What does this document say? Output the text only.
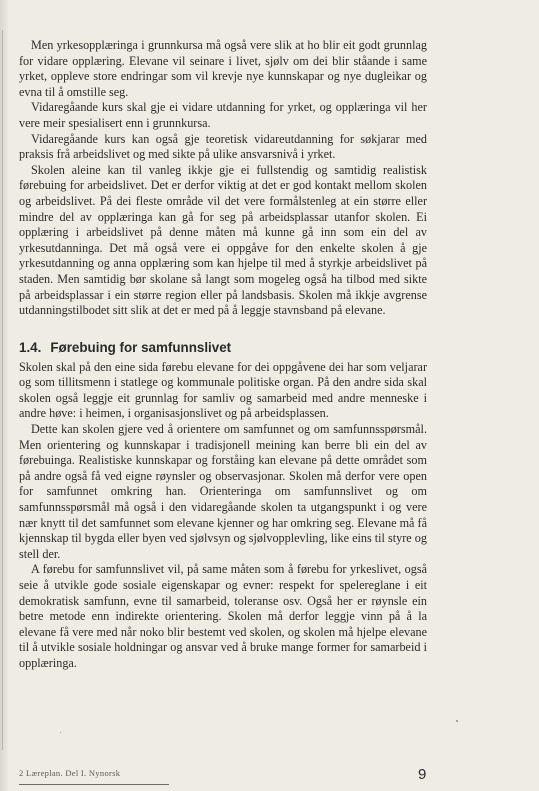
Men yrkesopplæringa i grunnkursa må også vere slik at ho blir eit godt grunnlag for vidare opplæring. Elevane vil seinare i livet, sjølv om dei blir ståande i same yrket, oppleve store endringar som vil krevje nye kunnskapar og nye dugleikar og evna til å omstille seg.

Vidaregåande kurs skal gje ei vidare utdanning for yrket, og opplæringa vil her vere meir spesialisert enn i grunnkursa.

Vidaregåande kurs kan også gje teoretisk vidareutdanning for søkjarar med praksis frå arbeidslivet og med sikte på ulike ansvarsnivå i yrket.

Skolen aleine kan til vanleg ikkje gje ei fullstendig og samtidig realistisk førebuing for arbeidslivet. Det er derfor viktig at det er god kontakt mellom skolen og arbeidslivet. På dei fleste område vil det vere formålstenleg at ein større eller mindre del av opplæringa kan gå for seg på arbeidsplassar utanfor skolen. Ei opplæring i arbeidslivet på denne måten må kunne gå inn som ein del av yrkesutdanninga. Det må også vere ei oppgåve for den enkelte skolen å gje yrkesutdanning og anna opplæring som kan hjelpe til med å styrkje arbeidslivet på staden. Men samtidig bør skolane så langt som mogeleg også ha tilbod med sikte på arbeidsplassar i ein større region eller på landsbasis. Skolen må ikkje avgrense utdanningstilbodet sitt slik at det er med på å leggje stavnsband på elevane.

1.4. Førebuing for samfunnslivet

Skolen skal på den eine sida førebu elevane for dei oppgåvene dei har som veljarar og som tillitsmenn i statlege og kommunale politiske organ. På den andre sida skal skolen også leggje eit grunnlag for samliv og samarbeid med andre menneske i andre høve: i heimen, i organisasjonslivet og på arbeidsplassen.

Dette kan skolen gjere ved å orientere om samfunnet og om samfunnsspørsmål. Men orientering og kunnskapar i tradisjonell meining kan berre bli ein del av førebuinga. Realistiske kunnskapar og forståing kan elevane på dette området som på andre også få ved eigne røynsler og observasjonar. Skolen må derfor vere open for samfunnet omkring han. Orienteringa om samfunnslivet og om samfunnsspørsmål må også i den vidaregåande skolen ta utgangspunkt i og vere nær knytt til det samfunnet som elevane kjenner og har omkring seg. Elevane må få kjennskap til bygda eller byen ved sjølvsyn og sjølvopplevling, like eins til styre og stell der.

A førebu for samfunnslivet vil, på same måten som å førebu for yrkeslivet, også seie å utvikle gode sosiale eigenskapar og evner: respekt for spelereglane i eit demokratisk samfunn, evne til samarbeid, toleranse osv. Også her er røynsle ein betre metode enn indirekte orientering. Skolen må derfor leggje vinn på å la elevane få vere med når noko blir bestemt ved skolen, og skolen må hjelpe elevane til å utvikle sosiale holdningar og ansvar ved å bruke mange former for samarbeid i opplæringa.

2 Læreplan. Del I. Nynorsk	9
